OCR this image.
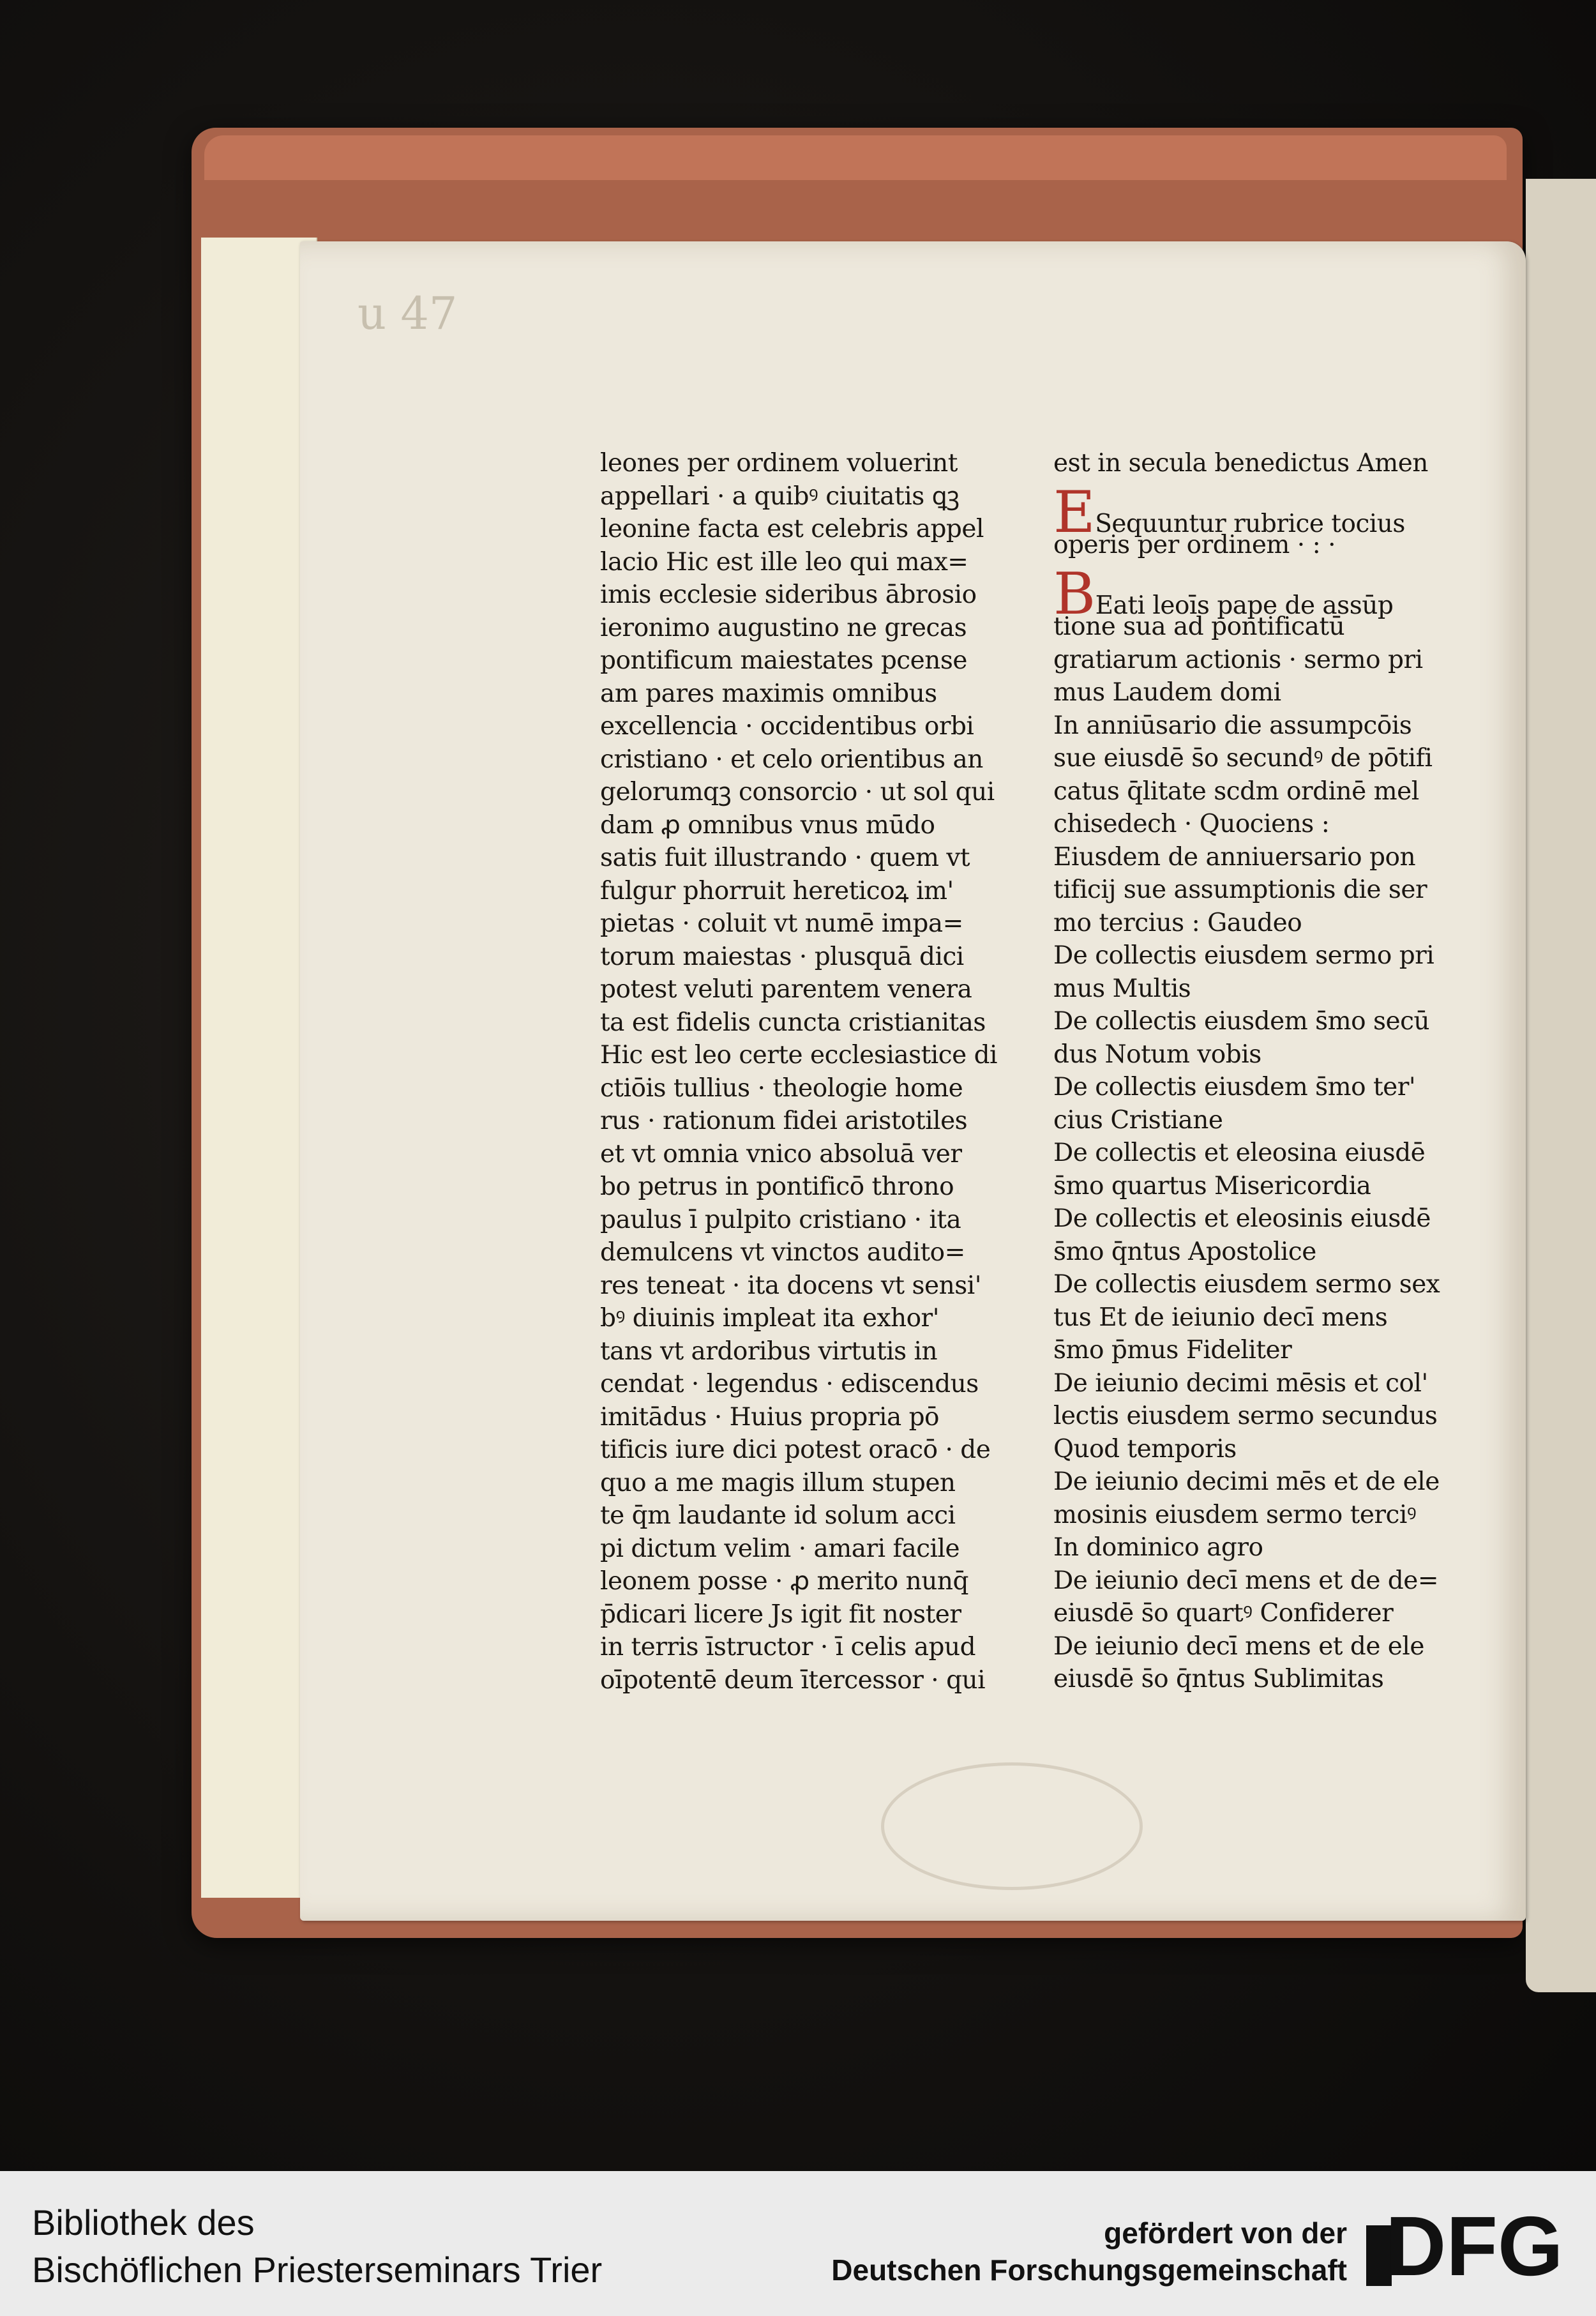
u 47
leones per ordinem voluerint
appellari · a quibꝰ ciuitatis ꝗꝫ
leonine facta est celebris appel
lacio Hic est ille leo qui max=
imis ecclesie sideribus ābrosio
ieronimo augustino ne grecas
pontificum maiestates pcense
am pares maximis omnibus
excellencia · occidentibus orbi
cristiano · et celo orientibus an
gelorumqꝫ consorcio · ut sol qui
dam ꝓ omnibus vnus mūdo
satis fuit illustrando · quem vt
fulgur phorruit hereticoꝝ im'
pietas · coluit vt numē impa=
torum maiestas · plusquā dici
potest veluti parentem venera
ta est fidelis cuncta cristianitas
Hic est leo certe ecclesiastice di
ctiōis tullius · theologie home
rus · rationum fidei aristotiles
et vt omnia vnico absoluā ver
bo petrus in pontificō throno
paulus ī pulpito cristiano · ita
demulcens vt vinctos audito=
res teneat · ita docens vt sensi'
bꝰ diuinis impleat ita exhor'
tans vt ardoribus virtutis in
cendat · legendus · ediscendus
imitādus · Huius propria pō
tificis iure dici potest oracō · de
quo a me magis illum stupen
te q̄m laudante id solum acci
pi dictum velim · amari facile
leonem posse · ꝓ merito nunq̄
p̄dicari licere Js igit fit noster
in terris īstructor · ī celis apud
oīpotentē deum ītercessor · qui
est in secula benedictus Amen
ESequuntur rubrice tocius
operis per ordinem · : ·
BEati leoīs pape de assūp
tione sua ad pontificatū
gratiarum actionis · sermo pri
mus Laudem domi
In anniūsario die assumpcōis
sue eiusdē s̄o secundꝰ de pōtifi
catus q̄litate scdm ordinē mel
chisedech · Quociens :
Eiusdem de anniuersario pon
tificij sue assumptionis die ser
mo tercius : Gaudeo
De collectis eiusdem sermo pri
mus Multis
De collectis eiusdem s̄mo secū
dus Notum vobis
De collectis eiusdem s̄mo ter'
cius Cristiane
De collectis et eleosina eiusdē
s̄mo quartus Misericordia
De collectis et eleosinis eiusdē
s̄mo q̄ntus Apostolice
De collectis eiusdem sermo sex
tus Et de ieiunio decī mens
s̄mo p̄mus Fideliter
De ieiunio decimi mēsis et col'
lectis eiusdem sermo secundus
Quod temporis
De ieiunio decimi mēs et de ele
mosinis eiusdem sermo terciꝰ
In dominico agro
De ieiunio decī mens et de de=
eiusdē s̄o quartꝰ Confiderer
De ieiunio decī mens et de ele
eiusdē s̄o q̄ntus Sublimitas
Bibliothek des
Bischöflichen Priesterseminars Trier
gefördert von der
Deutschen Forschungsgemeinschaft DFG
